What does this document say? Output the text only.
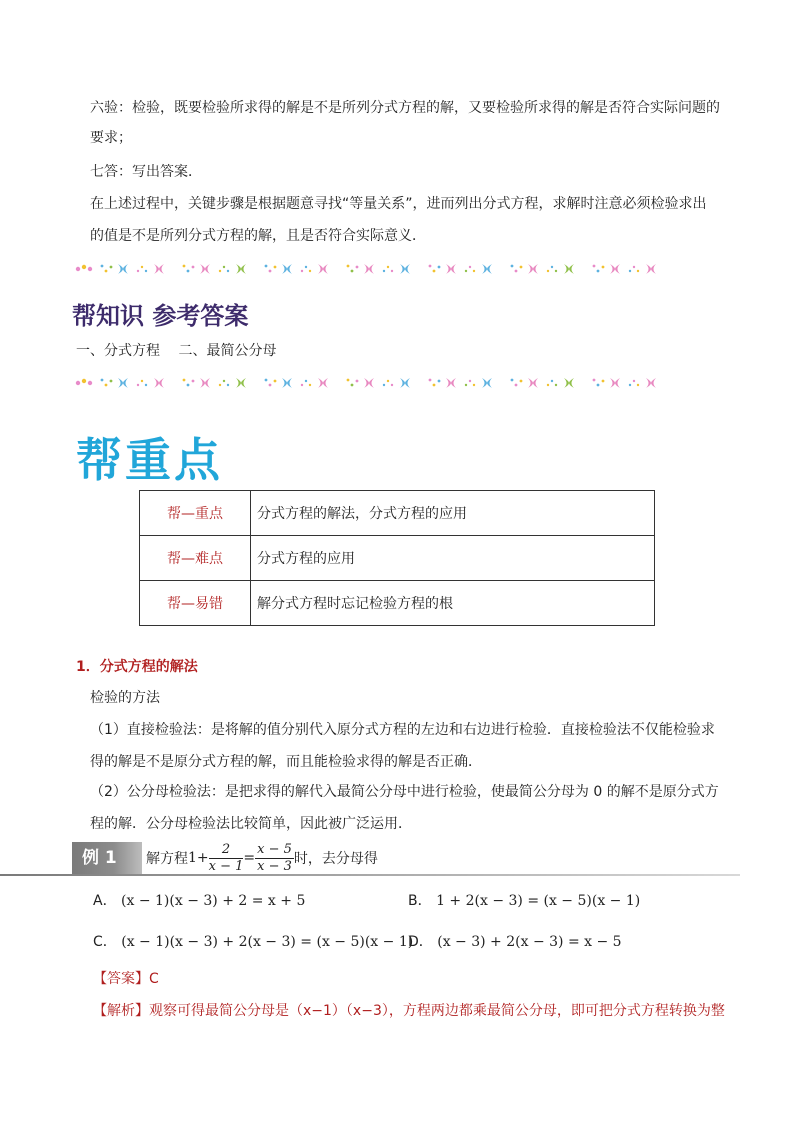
六验：检验，既要检验所求得的解是不是所列分式方程的解，又要检验所求得的解是否符合实际问题的
要求；
七答：写出答案．
在上述过程中，关键步骤是根据题意寻找“等量关系”，进而列出分式方程，求解时注意必须检验求出
的值是不是所列分式方程的解，且是否符合实际意义．
帮知识 参考答案
一、分式方程　 二、最简公分母
帮重点
帮—重点	分式方程的解法，分式方程的应用
帮—难点	分式方程的应用
帮—易错	解分式方程时忘记检验方程的根
1．分式方程的解法
检验的方法
（1）直接检验法：是将解的值分别代入原分式方程的左边和右边进行检验．直接检验法不仅能检验求
得的解是不是原分式方程的解，而且能检验求得的解是否正确．
（2）公分母检验法：是把求得的解代入最简公分母中进行检验，使最简公分母为 0 的解不是原分式方
程的解．公分母检验法比较简单，因此被广泛运用．
例 1	解方程 $1 + \frac{2}{x - 1} = \frac{x - 5}{x - 3}$ 时，去分母得
A． (x − 1)(x − 3) + 2 = x + 5	B． 1 + 2(x − 3) = (x − 5)(x − 1)
C． (x − 1)(x − 3) + 2(x − 3) = (x − 5)(x − 1)
D． (x − 3) + 2(x − 3) = x − 5
【答案】C
【解析】观察可得最简公分母是（x−1）（x−3），方程两边都乘最简公分母，即可把分式方程转换为整
